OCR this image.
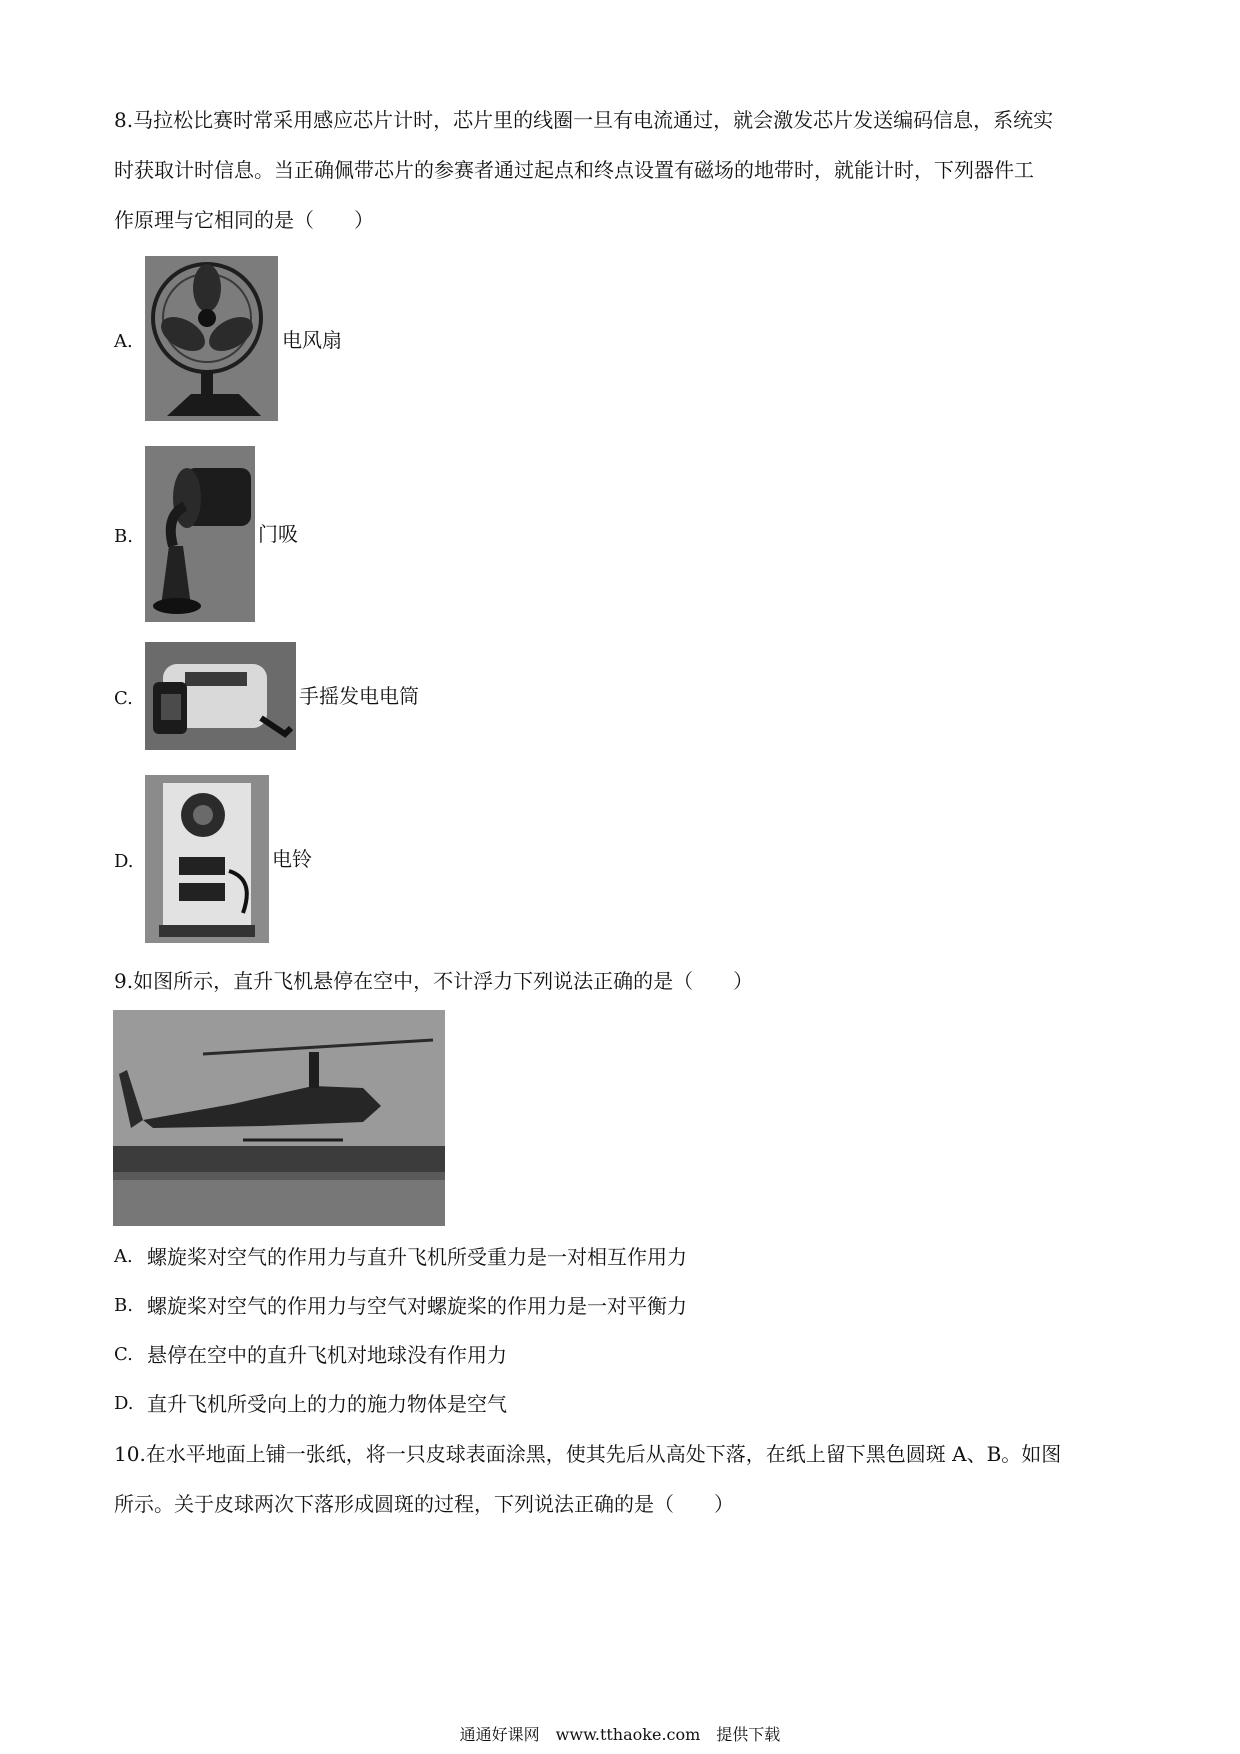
8.马拉松比赛时常采用感应芯片计时，芯片里的线圈一旦有电流通过，就会激发芯片发送编码信息，系统实
时获取计时信息。当正确佩带芯片的参赛者通过起点和终点设置有磁场的地带时，就能计时，下列器件工
作原理与它相同的是（　　）
A.	电风扇
B.	门吸
C.	手摇发电电筒
D.	电铃
9.如图所示，直升飞机悬停在空中，不计浮力下列说法正确的是（　　）
A. 螺旋桨对空气的作用力与直升飞机所受重力是一对相互作用力
B. 螺旋桨对空气的作用力与空气对螺旋桨的作用力是一对平衡力
C. 悬停在空中的直升飞机对地球没有作用力
D. 直升飞机所受向上的力的施力物体是空气
10.在水平地面上铺一张纸，将一只皮球表面涂黑，使其先后从高处下落，在纸上留下黑色圆斑 A、B。如图
所示。关于皮球两次下落形成圆斑的过程，下列说法正确的是（　　）
通通好课网　www.tthaoke.com　提供下载
